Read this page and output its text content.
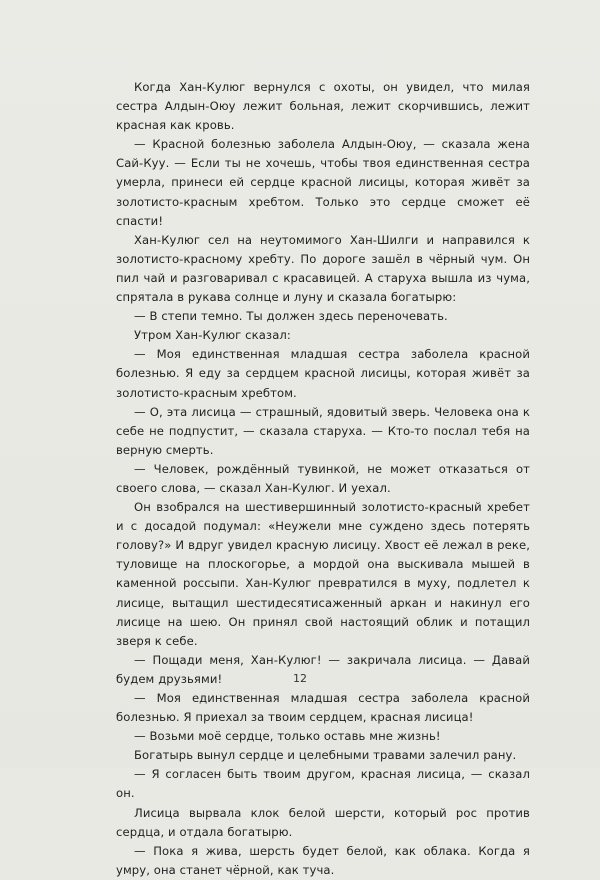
Когда Хан-Кулюг вернулся с охоты, он увидел, что милая сестра Алдын-Оюу лежит больная, лежит скорчившись, лежит красная как кровь.

— Красной болезнью заболела Алдын-Оюу, — сказала жена Сай-Куу. — Если ты не хочешь, чтобы твоя единственная сестра умерла, принеси ей сердце красной лисицы, которая живёт за золотисто-красным хребтом. Только это сердце сможет её спасти!

Хан-Кулюг сел на неутомимого Хан-Шилги и направился к золотисто-красному хребту. По дороге зашёл в чёрный чум. Он пил чай и разговаривал с красавицей. А старуха вышла из чума, спрятала в рукава солнце и луну и сказала богатырю:

— В степи темно. Ты должен здесь переночевать.

Утром Хан-Кулюг сказал:

— Моя единственная младшая сестра заболела красной болезнью. Я еду за сердцем красной лисицы, которая живёт за золотисто-красным хребтом.

— О, эта лисица — страшный, ядовитый зверь. Человека она к себе не подпустит, — сказала старуха. — Кто-то послал тебя на верную смерть.

— Человек, рождённый тувинкой, не может отказаться от своего слова, — сказал Хан-Кулюг. И уехал.

Он взобрался на шестивершинный золотисто-красный хребет и с досадой подумал: «Неужели мне суждено здесь потерять голову?» И вдруг увидел красную лисицу. Хвост её лежал в реке, туловище на плоскогорье, а мордой она выскивала мышей в каменной россыпи. Хан-Кулюг превратился в муху, подлетел к лисице, вытащил шестидесятисаженный аркан и накинул его лисице на шею. Он принял свой настоящий облик и потащил зверя к себе.

— Пощади меня, Хан-Кулюг! — закричала лисица. — Давай будем друзьями!

— Моя единственная младшая сестра заболела красной болезнью. Я приехал за твоим сердцем, красная лисица!

— Возьми моё сердце, только оставь мне жизнь!

Богатырь вынул сердце и целебными травами залечил рану.

— Я согласен быть твоим другом, красная лисица, — сказал он.

Лисица вырвала клок белой шерсти, который рос против сердца, и отдала богатырю.

— Пока я жива, шерсть будет белой, как облака. Когда я умру, она станет чёрной, как туча.

12
